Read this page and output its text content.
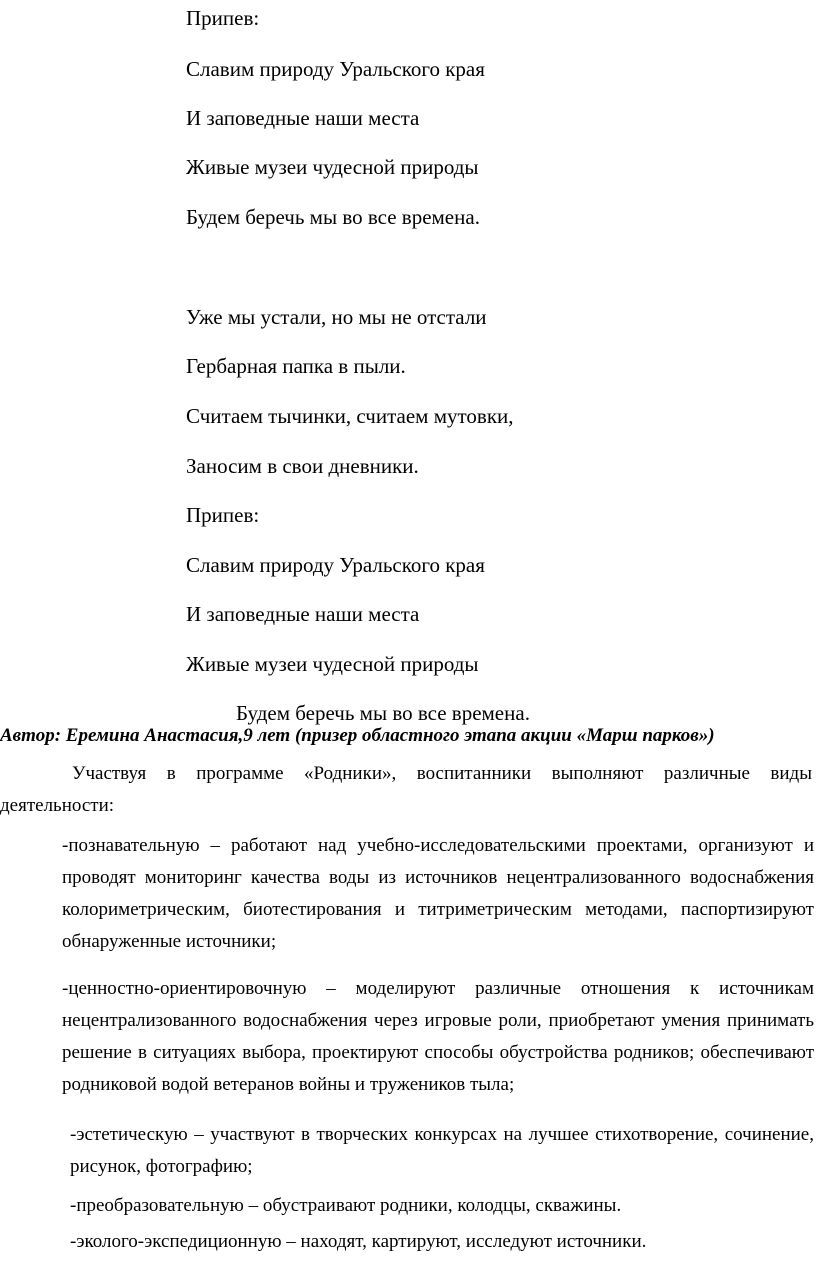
Припев:

Славим природу Уральского края

И заповедные наши места

Живые музеи чудесной природы

Будем беречь мы во все времена.

Уже мы устали, но мы не отстали

Гербарная папка в пыли.

Считаем тычинки, считаем мутовки,

Заносим в свои дневники.

Припев:

Славим природу Уральского края

И заповедные наши места

Живые музеи чудесной природы

Будем беречь мы во все времена.

Автор: Еремина Анастасия,9 лет (призер областного этапа акции «Марш парков»)

Участвуя в программе «Родники», воспитанники выполняют различные виды деятельности:

-познавательную – работают над учебно-исследовательскими проектами, организуют и проводят мониторинг качества воды из источников нецентрализованного водоснабжения колориметрическим, биотестирования и титриметрическим методами, паспортизируют обнаруженные источники;

-ценностно-ориентировочную – моделируют различные отношения к источникам нецентрализованного водоснабжения через игровые роли, приобретают умения принимать решение в ситуациях выбора, проектируют способы обустройства родников; обеспечивают родниковой водой ветеранов войны и тружеников тыла;

-эстетическую – участвуют в творческих конкурсах на лучшее стихотворение, сочинение, рисунок, фотографию;

-преобразовательную – обустраивают родники, колодцы, скважины.

-эколого-экспедиционную – находят, картируют, исследуют источники.
